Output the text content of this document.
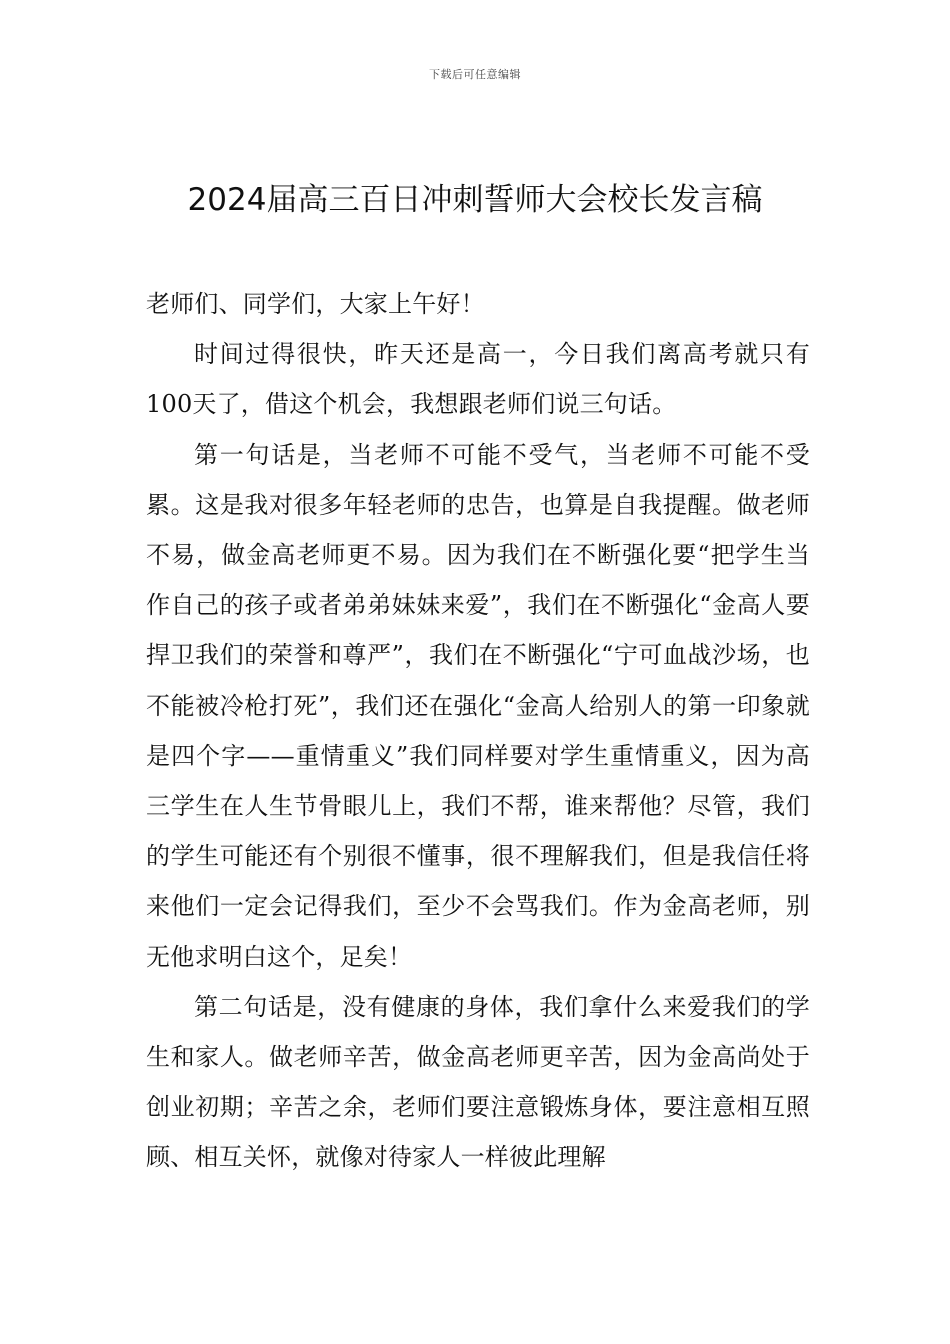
下载后可任意编辑
2024届高三百日冲刺誓师大会校长发言稿

老师们、同学们，大家上午好！

时间过得很快，昨天还是高一，今日我们离高考就只有100天了，借这个机会，我想跟老师们说三句话。

第一句话是，当老师不可能不受气，当老师不可能不受累。这是我对很多年轻老师的忠告，也算是自我提醒。做老师不易，做金高老师更不易。因为我们在不断强化要“把学生当作自己的孩子或者弟弟妹妹来爱”，我们在不断强化“金高人要捍卫我们的荣誉和尊严”，我们在不断强化“宁可血战沙场，也不能被冷枪打死”，我们还在强化“金高人给别人的第一印象就是四个字——重情重义”我们同样要对学生重情重义，因为高三学生在人生节骨眼儿上，我们不帮，谁来帮他？尽管，我们的学生可能还有个别很不懂事，很不理解我们，但是我信任将来他们一定会记得我们，至少不会骂我们。作为金高老师，别无他求明白这个，足矣！

第二句话是，没有健康的身体，我们拿什么来爱我们的学生和家人。做老师辛苦，做金高老师更辛苦，因为金高尚处于创业初期；辛苦之余，老师们要注意锻炼身体，要注意相互照顾、相互关怀，就像对待家人一样彼此理解
